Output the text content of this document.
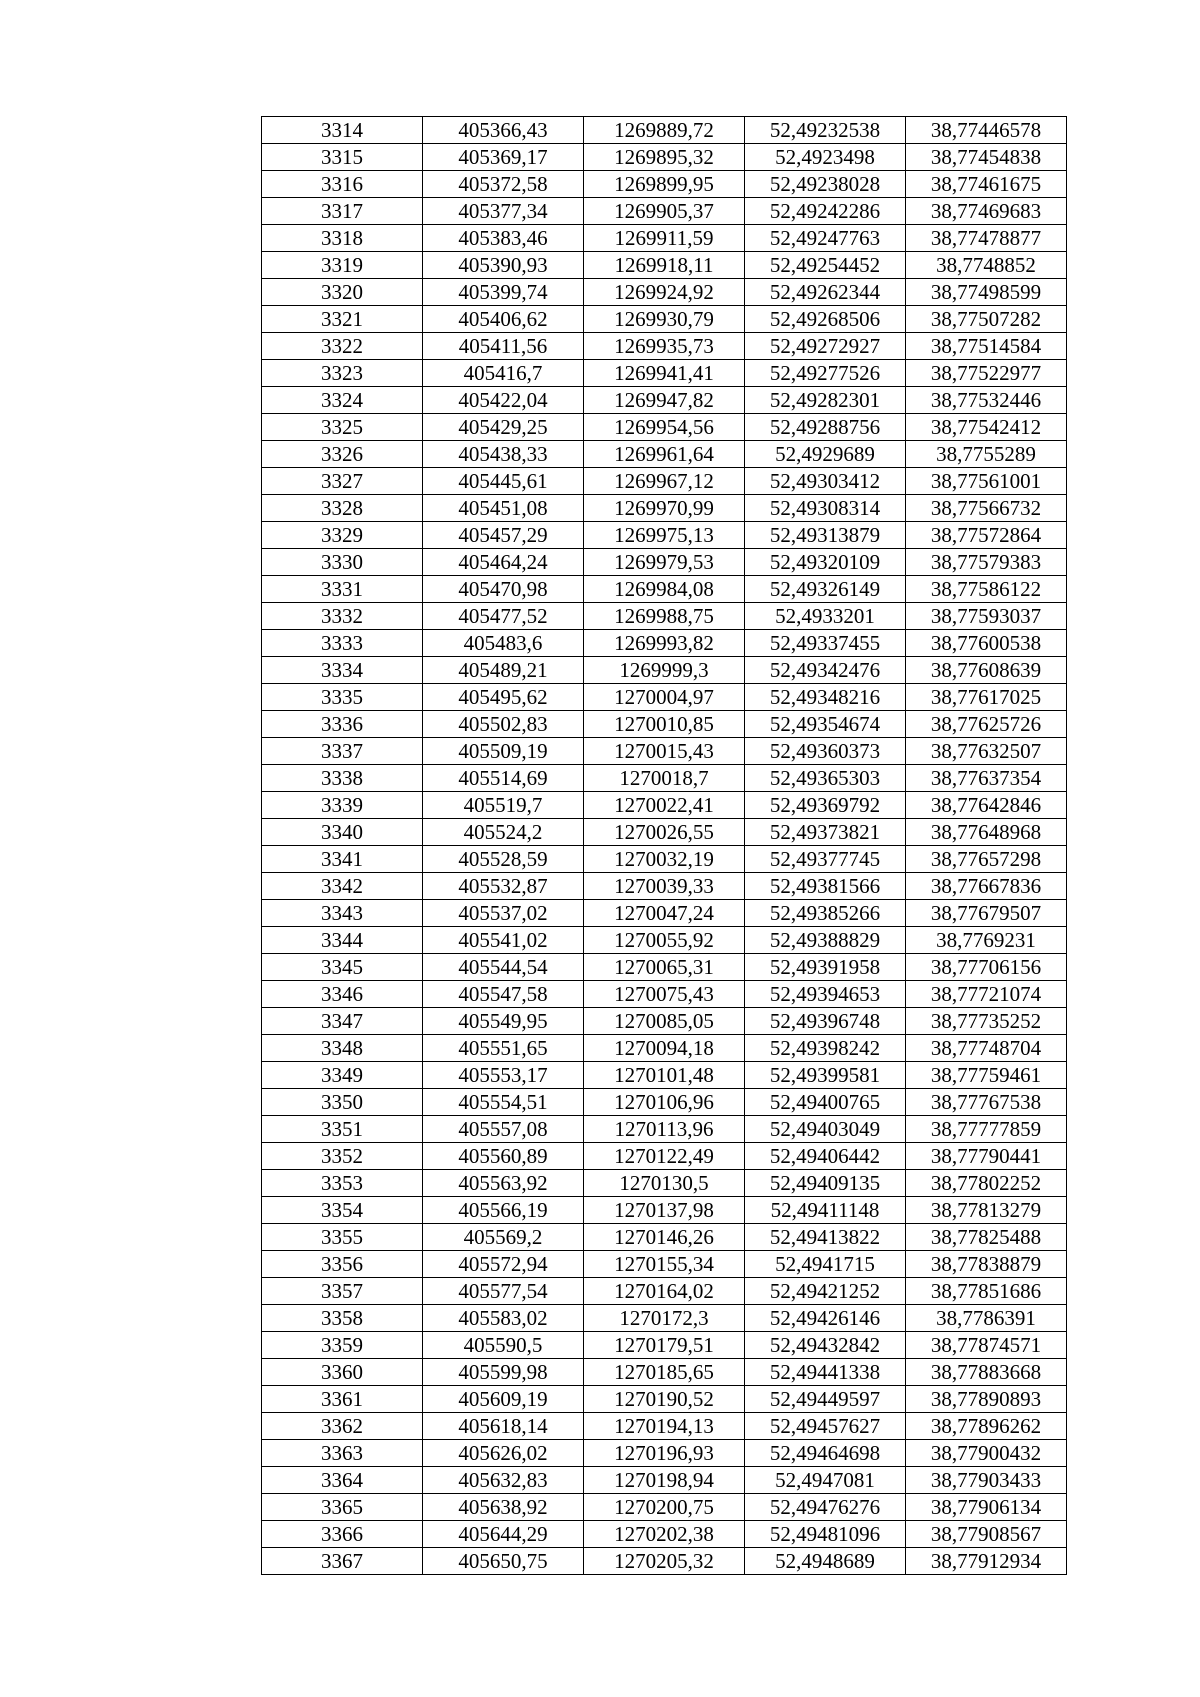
3314	405366,43	1269889,72	52,49232538	38,77446578
3315	405369,17	1269895,32	52,4923498	38,77454838
3316	405372,58	1269899,95	52,49238028	38,77461675
3317	405377,34	1269905,37	52,49242286	38,77469683
3318	405383,46	1269911,59	52,49247763	38,77478877
3319	405390,93	1269918,11	52,49254452	38,7748852
3320	405399,74	1269924,92	52,49262344	38,77498599
3321	405406,62	1269930,79	52,49268506	38,77507282
3322	405411,56	1269935,73	52,49272927	38,77514584
3323	405416,7	1269941,41	52,49277526	38,77522977
3324	405422,04	1269947,82	52,49282301	38,77532446
3325	405429,25	1269954,56	52,49288756	38,77542412
3326	405438,33	1269961,64	52,4929689	38,7755289
3327	405445,61	1269967,12	52,49303412	38,77561001
3328	405451,08	1269970,99	52,49308314	38,77566732
3329	405457,29	1269975,13	52,49313879	38,77572864
3330	405464,24	1269979,53	52,49320109	38,77579383
3331	405470,98	1269984,08	52,49326149	38,77586122
3332	405477,52	1269988,75	52,4933201	38,77593037
3333	405483,6	1269993,82	52,49337455	38,77600538
3334	405489,21	1269999,3	52,49342476	38,77608639
3335	405495,62	1270004,97	52,49348216	38,77617025
3336	405502,83	1270010,85	52,49354674	38,77625726
3337	405509,19	1270015,43	52,49360373	38,77632507
3338	405514,69	1270018,7	52,49365303	38,77637354
3339	405519,7	1270022,41	52,49369792	38,77642846
3340	405524,2	1270026,55	52,49373821	38,77648968
3341	405528,59	1270032,19	52,49377745	38,77657298
3342	405532,87	1270039,33	52,49381566	38,77667836
3343	405537,02	1270047,24	52,49385266	38,77679507
3344	405541,02	1270055,92	52,49388829	38,7769231
3345	405544,54	1270065,31	52,49391958	38,77706156
3346	405547,58	1270075,43	52,49394653	38,77721074
3347	405549,95	1270085,05	52,49396748	38,77735252
3348	405551,65	1270094,18	52,49398242	38,77748704
3349	405553,17	1270101,48	52,49399581	38,77759461
3350	405554,51	1270106,96	52,49400765	38,77767538
3351	405557,08	1270113,96	52,49403049	38,77777859
3352	405560,89	1270122,49	52,49406442	38,77790441
3353	405563,92	1270130,5	52,49409135	38,77802252
3354	405566,19	1270137,98	52,49411148	38,77813279
3355	405569,2	1270146,26	52,49413822	38,77825488
3356	405572,94	1270155,34	52,4941715	38,77838879
3357	405577,54	1270164,02	52,49421252	38,77851686
3358	405583,02	1270172,3	52,49426146	38,7786391
3359	405590,5	1270179,51	52,49432842	38,77874571
3360	405599,98	1270185,65	52,49441338	38,77883668
3361	405609,19	1270190,52	52,49449597	38,77890893
3362	405618,14	1270194,13	52,49457627	38,77896262
3363	405626,02	1270196,93	52,49464698	38,77900432
3364	405632,83	1270198,94	52,4947081	38,77903433
3365	405638,92	1270200,75	52,49476276	38,77906134
3366	405644,29	1270202,38	52,49481096	38,77908567
3367	405650,75	1270205,32	52,4948689	38,77912934
